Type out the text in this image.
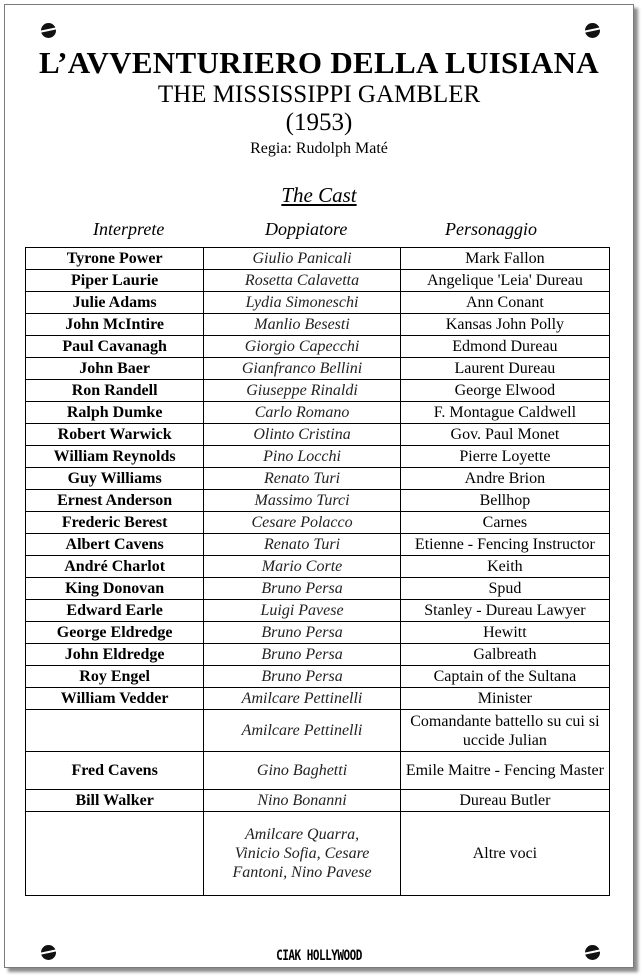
L’AVVENTURIERO DELLA LUISIANA
THE MISSISSIPPI GAMBLER
(1953)
Regia: Rudolph Maté
The Cast
Interprete	Doppiatore	Personaggio
Tyrone Power	Giulio Panicali	Mark Fallon
Piper Laurie	Rosetta Calavetta	Angelique 'Leia' Dureau
Julie Adams	Lydia Simoneschi	Ann Conant
John McIntire	Manlio Besesti	Kansas John Polly
Paul Cavanagh	Giorgio Capecchi	Edmond Dureau
John Baer	Gianfranco Bellini	Laurent Dureau
Ron Randell	Giuseppe Rinaldi	George Elwood
Ralph Dumke	Carlo Romano	F. Montague Caldwell
Robert Warwick	Olinto Cristina	Gov. Paul Monet
William Reynolds	Pino Locchi	Pierre Loyette
Guy Williams	Renato Turi	Andre Brion
Ernest Anderson	Massimo Turci	Bellhop
Frederic Berest	Cesare Polacco	Carnes
Albert Cavens	Renato Turi	Etienne - Fencing Instructor
André Charlot	Mario Corte	Keith
King Donovan	Bruno Persa	Spud
Edward Earle	Luigi Pavese	Stanley - Dureau Lawyer
George Eldredge	Bruno Persa	Hewitt
John Eldredge	Bruno Persa	Galbreath
Roy Engel	Bruno Persa	Captain of the Sultana
William Vedder	Amilcare Pettinelli	Minister
	Amilcare Pettinelli	Comandante battello su cui si uccide Julian
Fred Cavens	Gino Baghetti	Emile Maitre - Fencing Master
Bill Walker	Nino Bonanni	Dureau Butler
	Amilcare Quarra, Vinicio Sofia, Cesare Fantoni, Nino Pavese	Altre voci
CIAK HOLLYWOOD
